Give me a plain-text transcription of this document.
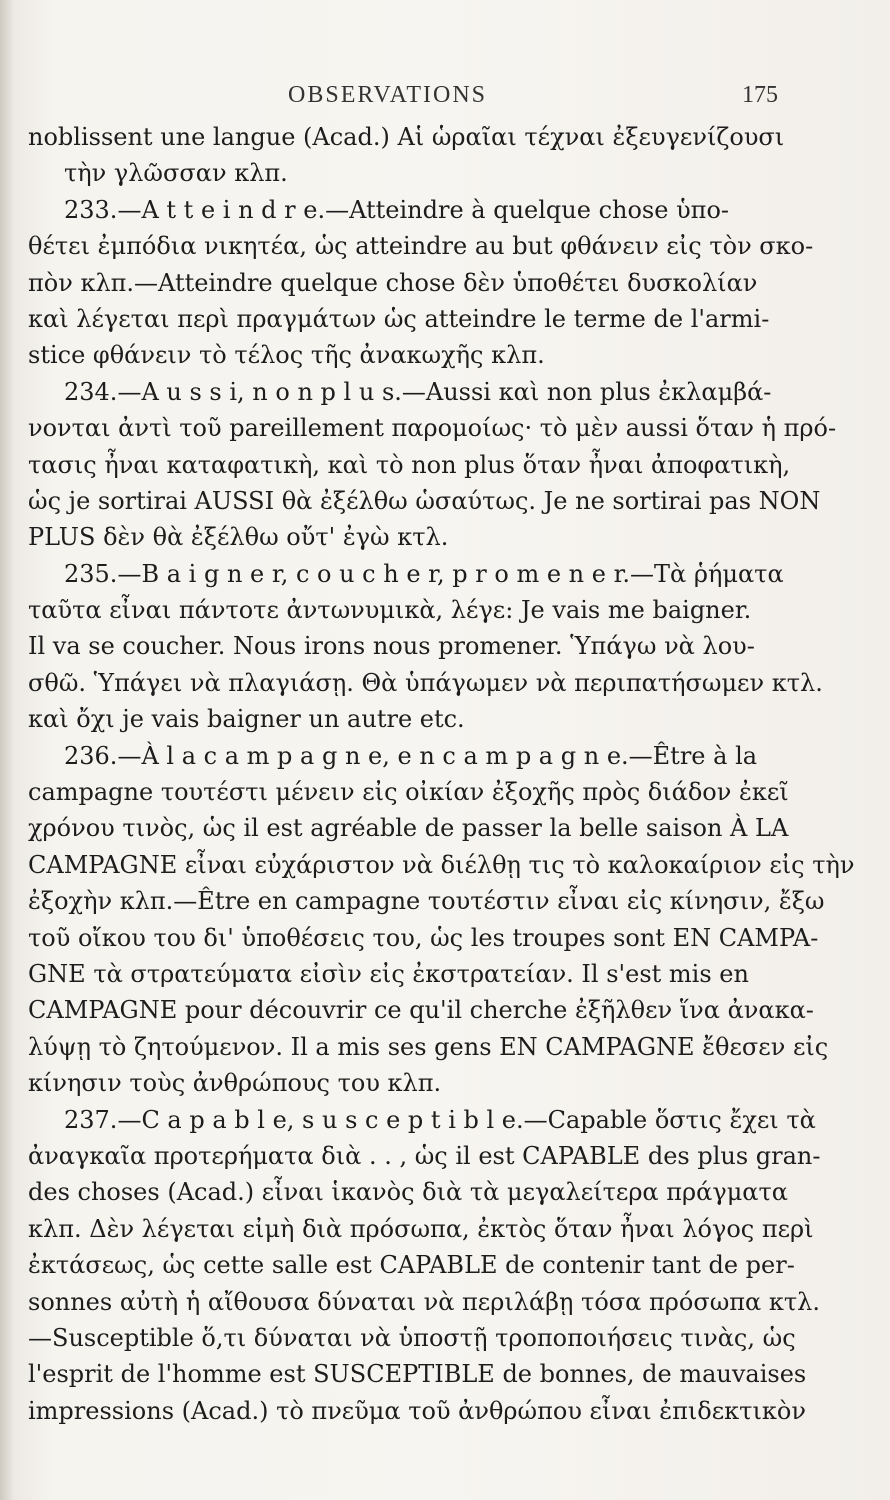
OBSERVATIONS	175
noblissent une langue (Acad.) Αἱ ὡραῖαι τέχναι ἐξευγενίζουσι
τὴν γλῶσσαν κλπ.
233.—A t t e i n d r e.—Atteindre à quelque chose ὑπο-
θέτει ἐμπόδια νικητέα, ὡς atteindre au but φθάνειν εἰς τὸν σκο-
πὸν κλπ.—Atteindre quelque chose δὲν ὑποθέτει δυσκολίαν
καὶ λέγεται περὶ πραγμάτων ὡς atteindre le terme de l'armi-
stice φθάνειν τὸ τέλος τῆς ἀνακωχῆς κλπ.
234.—A u s s i, n o n p l u s.—Aussi καὶ non plus ἐκλαμβά-
νονται ἀντὶ τοῦ pareillement παρομοίως· τὸ μὲν aussi ὅταν ἡ πρό-
τασις ἦναι καταφατικὴ, καὶ τὸ non plus ὅταν ἦναι ἀποφατικὴ,
ὡς je sortirai AUSSI θὰ ἐξέλθω ὡσαύτως. Je ne sortirai pas NON
PLUS δὲν θὰ ἐξέλθω οὔτ' ἐγὼ κτλ.
235.—B a i g n e r, c o u c h e r, p r o m e n e r.—Τὰ ῥήματα
ταῦτα εἶναι πάντοτε ἀντωνυμικὰ, λέγε: Je vais me baigner.
Il va se coucher. Nous irons nous promener. Ὑπάγω νὰ λου-
σθῶ. Ὑπάγει νὰ πλαγιάσῃ. Θὰ ὑπάγωμεν νὰ περιπατήσωμεν κτλ.
καὶ ὄχι je vais baigner un autre etc.
236.—À l a c a m p a g n e, e n c a m p a g n e.—Être à la
campagne τουτέστι μένειν εἰς οἰκίαν ἐξοχῆς πρὸς διάδον ἐκεῖ
χρόνου τινὸς, ὡς il est agréable de passer la belle saison À LA
CAMPAGNE εἶναι εὐχάριστον νὰ διέλθῃ τις τὸ καλοκαίριον εἰς τὴν
ἐξοχὴν κλπ.—Être en campagne τουτέστιν εἶναι εἰς κίνησιν, ἔξω
τοῦ οἴκου του δι' ὑποθέσεις του, ὡς les troupes sont EN CAMPA-
GNE τὰ στρατεύματα εἰσὶν εἰς ἐκστρατείαν. Il s'est mis en
CAMPAGNE pour découvrir ce qu'il cherche ἐξῆλθεν ἵνα ἀνακα-
λύψῃ τὸ ζητούμενον. Il a mis ses gens EN CAMPAGNE ἔθεσεν εἰς
κίνησιν τοὺς ἀνθρώπους του κλπ.
237.—C a p a b l e, s u s c e p t i b l e.—Capable ὅστις ἔχει τὰ
ἀναγκαῖα προτερήματα διὰ . . , ὡς il est CAPABLE des plus gran-
des choses (Acad.) εἶναι ἱκανὸς διὰ τὰ μεγαλείτερα πράγματα
κλπ. Δὲν λέγεται εἰμὴ διὰ πρόσωπα, ἐκτὸς ὅταν ἦναι λόγος περὶ
ἐκτάσεως, ὡς cette salle est CAPABLE de contenir tant de per-
sonnes αὐτὴ ἡ αἴθουσα δύναται νὰ περιλάβῃ τόσα πρόσωπα κτλ.
—Susceptible ὅ,τι δύναται νὰ ὑποστῇ τροποποιήσεις τινὰς, ὡς
l'esprit de l'homme est SUSCEPTIBLE de bonnes, de mauvaises
impressions (Acad.) τὸ πνεῦμα τοῦ ἀνθρώπου εἶναι ἐπιδεκτικὸν
